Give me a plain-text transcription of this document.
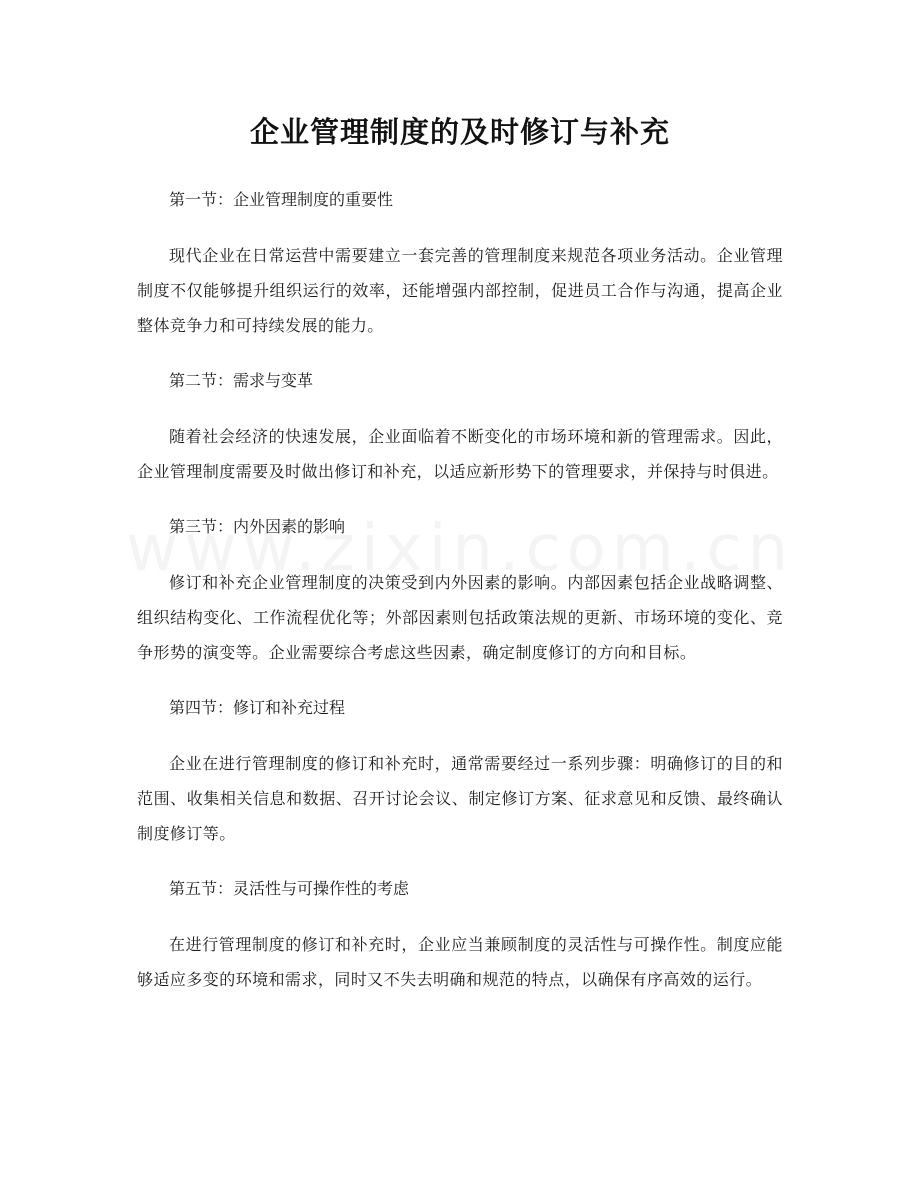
企业管理制度的及时修订与补充

第一节：企业管理制度的重要性

现代企业在日常运营中需要建立一套完善的管理制度来规范各项业务活动。企业管理制度不仅能够提升组织运行的效率，还能增强内部控制，促进员工合作与沟通，提高企业整体竞争力和可持续发展的能力。

第二节：需求与变革

随着社会经济的快速发展，企业面临着不断变化的市场环境和新的管理需求。因此，企业管理制度需要及时做出修订和补充，以适应新形势下的管理要求，并保持与时俱进。

第三节：内外因素的影响

修订和补充企业管理制度的决策受到内外因素的影响。内部因素包括企业战略调整、组织结构变化、工作流程优化等；外部因素则包括政策法规的更新、市场环境的变化、竞争形势的演变等。企业需要综合考虑这些因素，确定制度修订的方向和目标。

第四节：修订和补充过程

企业在进行管理制度的修订和补充时，通常需要经过一系列步骤：明确修订的目的和范围、收集相关信息和数据、召开讨论会议、制定修订方案、征求意见和反馈、最终确认制度修订等。

第五节：灵活性与可操作性的考虑

在进行管理制度的修订和补充时，企业应当兼顾制度的灵活性与可操作性。制度应能够适应多变的环境和需求，同时又不失去明确和规范的特点，以确保有序高效的运行。
